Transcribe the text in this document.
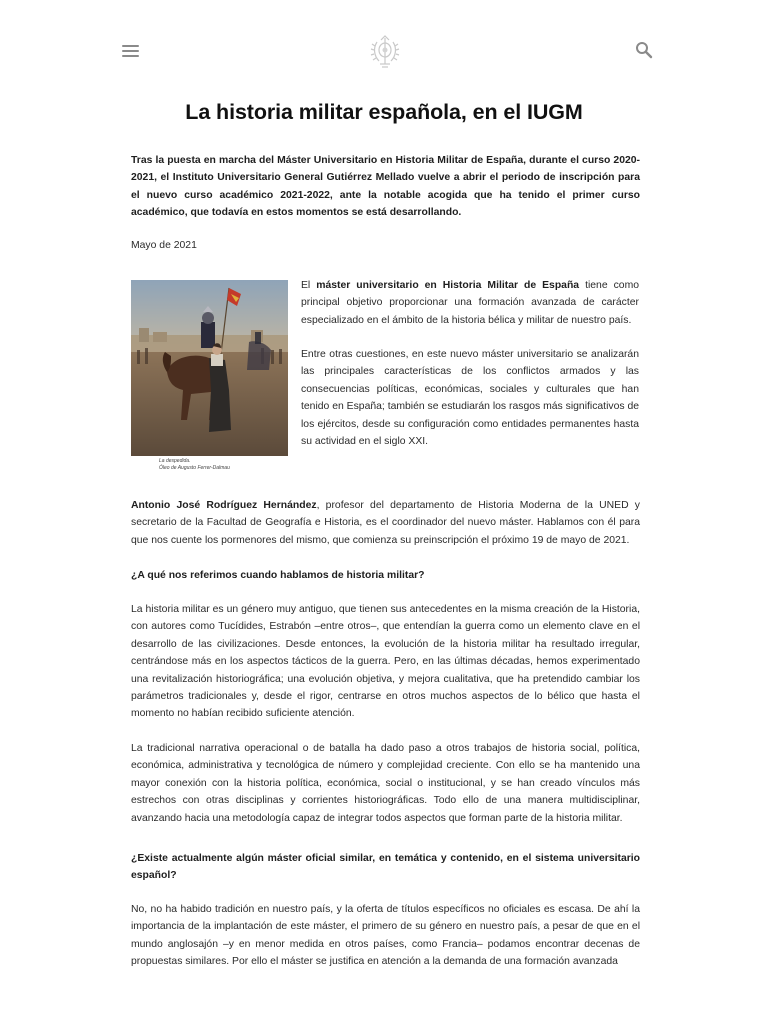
La historia militar española, en el IUGM

Tras la puesta en marcha del Máster Universitario en Historia Militar de España, durante el curso 2020-2021, el Instituto Universitario General Gutiérrez Mellado vuelve a abrir el periodo de inscripción para el nuevo curso académico 2021-2022, ante la notable acogida que ha tenido el primer curso académico, que todavía en estos momentos se está desarrollando.

Mayo de 2021

La despedida.
Óleo de Augusto Ferrer-Dalmau

El máster universitario en Historia Militar de España tiene como principal objetivo proporcionar una formación avanzada de carácter especializado en el ámbito de la historia bélica y militar de nuestro país.

Entre otras cuestiones, en este nuevo máster universitario se analizarán las principales características de los conflictos armados y las consecuencias políticas, económicas, sociales y culturales que han tenido en España; también se estudiarán los rasgos más significativos de los ejércitos, desde su configuración como entidades permanentes hasta su actividad en el siglo XXI.

Antonio José Rodríguez Hernández, profesor del departamento de Historia Moderna de la UNED y secretario de la Facultad de Geografía e Historia, es el coordinador del nuevo máster. Hablamos con él para que nos cuente los pormenores del mismo, que comienza su preinscripción el próximo 19 de mayo de 2021.

¿A qué nos referimos cuando hablamos de historia militar?

La historia militar es un género muy antiguo, que tienen sus antecedentes en la misma creación de la Historia, con autores como Tucídides, Estrabón –entre otros–, que entendían la guerra como un elemento clave en el desarrollo de las civilizaciones. Desde entonces, la evolución de la historia militar ha resultado irregular, centrándose más en los aspectos tácticos de la guerra. Pero, en las últimas décadas, hemos experimentado una revitalización historiográfica; una evolución objetiva, y mejora cualitativa, que ha pretendido cambiar los parámetros tradicionales y, desde el rigor, centrarse en otros muchos aspectos de lo bélico que hasta el momento no habían recibido suficiente atención.

La tradicional narrativa operacional o de batalla ha dado paso a otros trabajos de historia social, política, económica, administrativa y tecnológica de número y complejidad creciente. Con ello se ha mantenido una mayor conexión con la historia política, económica, social o institucional, y se han creado vínculos más estrechos con otras disciplinas y corrientes historiográficas. Todo ello de una manera multidisciplinar, avanzando hacia una metodología capaz de integrar todos aspectos que forman parte de la historia militar.

¿Existe actualmente algún máster oficial similar, en temática y contenido, en el sistema universitario español?

No, no ha habido tradición en nuestro país, y la oferta de títulos específicos no oficiales es escasa. De ahí la importancia de la implantación de este máster, el primero de su género en nuestro país, a pesar de que en el mundo anglosajón –y en menor medida en otros países, como Francia– podamos encontrar decenas de propuestas similares. Por ello el máster se justifica en atención a la demanda de una formación avanzada
